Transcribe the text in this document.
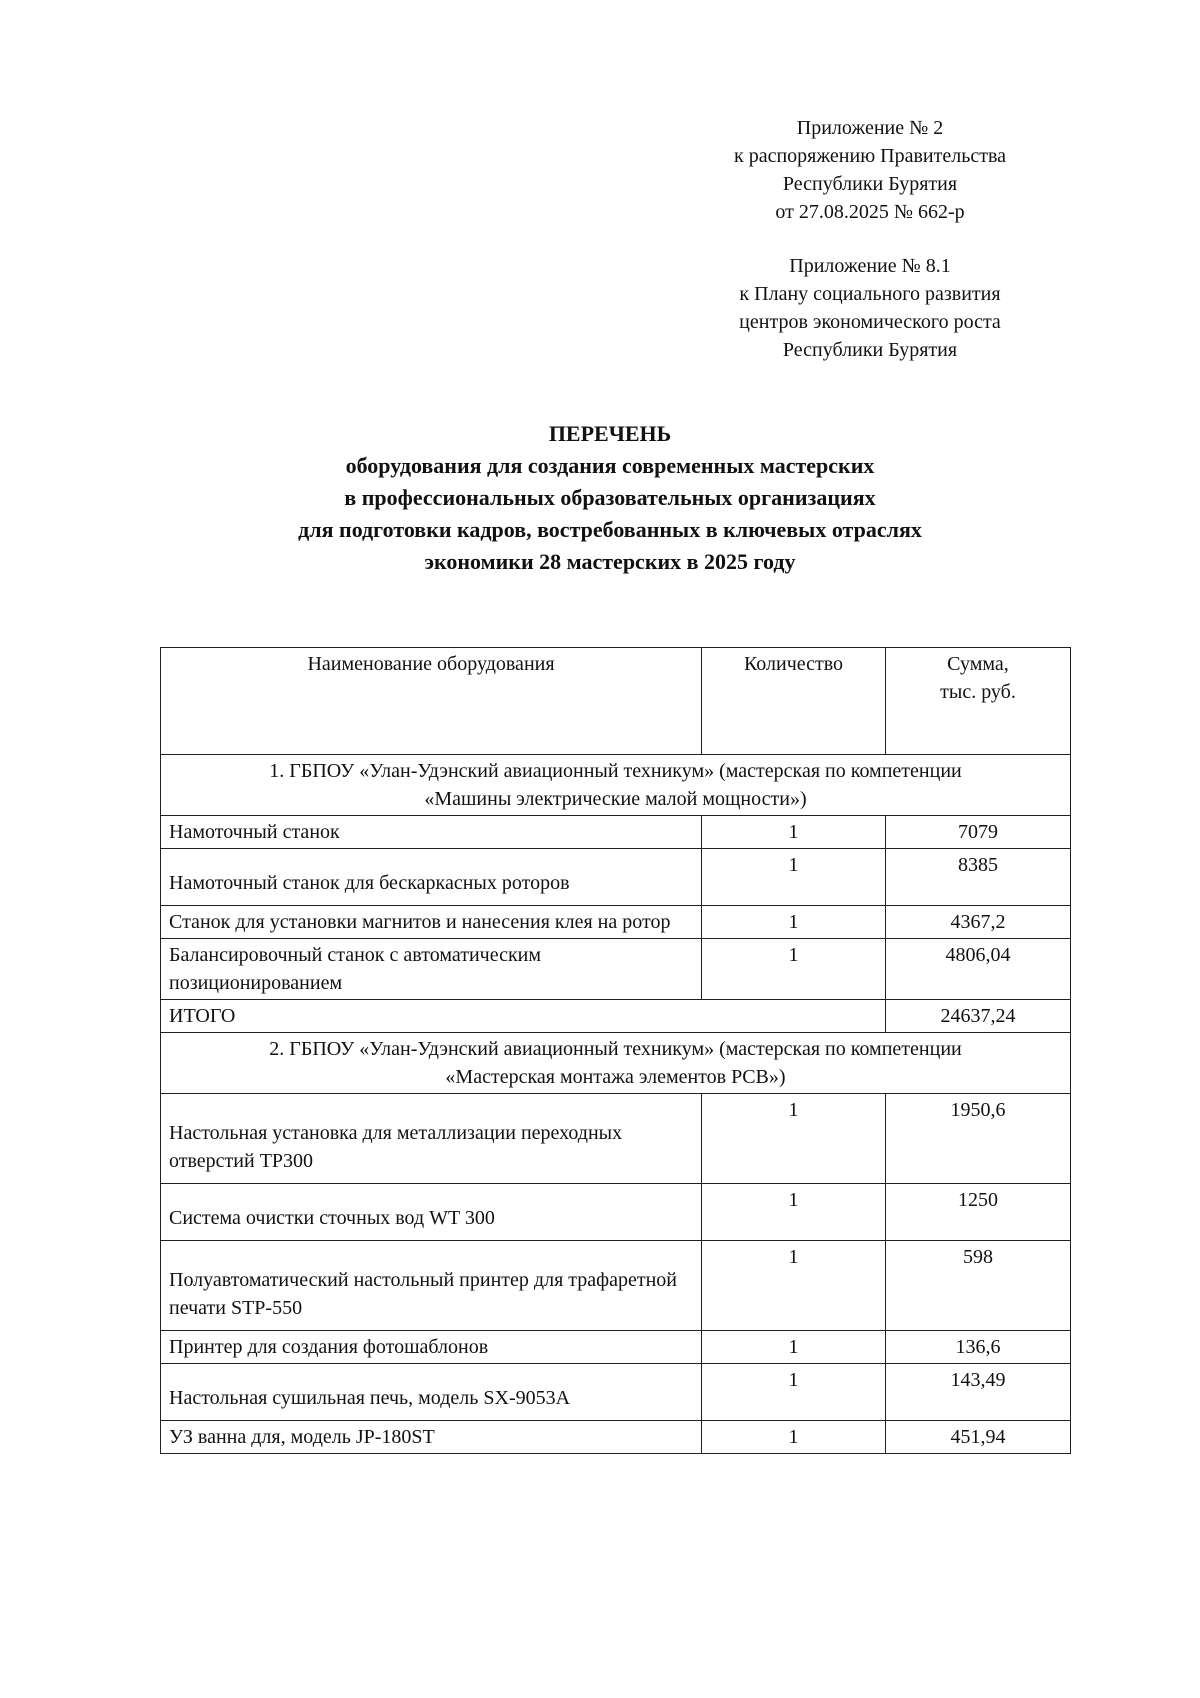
Приложение № 2
к распоряжению Правительства
Республики Бурятия
от 27.08.2025 № 662-р
Приложение № 8.1
к Плану социального развития
центров экономического роста
Республики Бурятия
ПЕРЕЧЕНЬ
оборудования для создания современных мастерских
в профессиональных образовательных организациях
для подготовки кадров, востребованных в ключевых отраслях
экономики 28 мастерских в 2025 году
Наименование оборудования	Количество	Сумма,
тыс. руб.

1. ГБПОУ «Улан-Удэнский авиационный техникум» (мастерская по компетенции
«Машины электрические малой мощности»)		

Намоточный станок	1	7079
Намоточный станок для бескаркасных роторов	1	8385
Станок для установки магнитов и нанесения клея на ротор	1	4367,2
Балансировочный станок с автоматическим позиционированием	1	4806,04
ИТОГО		24637,24

2. ГБПОУ «Улан-Удэнский авиационный техникум» (мастерская по компетенции
«Мастерская монтажа элементов PCB»)		

Настольная установка для металлизации переходных отверстий TP300	1	1950,6
Система очистки сточных вод WT 300	1	1250
Полуавтоматический настольный принтер для трафаретной печати STP-550	1	598
Принтер для создания фотошаблонов	1	136,6
Настольная сушильная печь, модель SX-9053A	1	143,49
УЗ ванна для, модель JP-180ST	1	451,94
